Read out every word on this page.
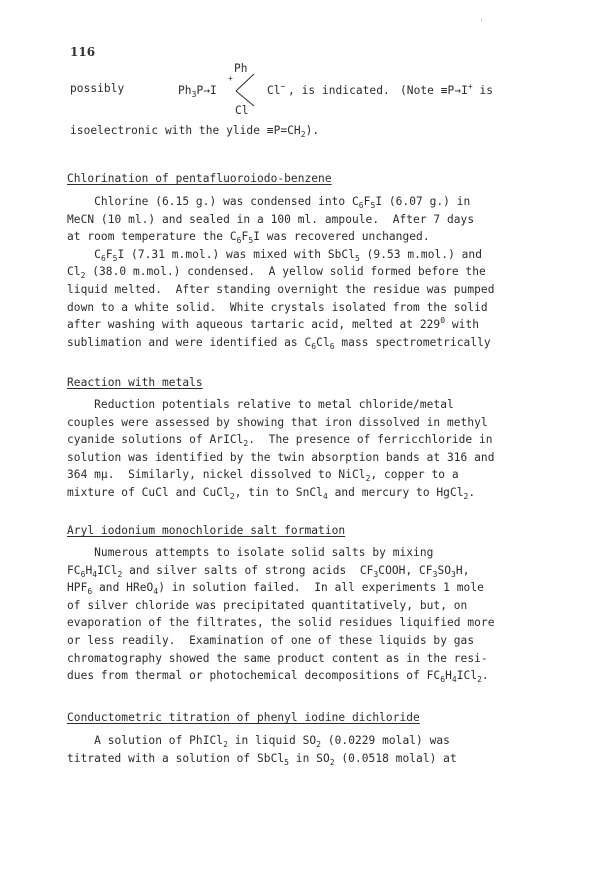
116
possibly
Ph
$Ph_3P\to I$
+
Cl−
Cl
, is indicated. (Note ≡P→I+ is
isoelectronic with the ylide $\equiv P=CH_2$).
Chlorination of pentafluoroiodo-benzene
Chlorine (6.15 g.) was condensed into $C_6F_5I$ (6.07 g.) in
MeCN (10 ml.) and sealed in a 100 ml. ampoule.  After 7 days
at room temperature the $C_6F_5I$ was recovered unchanged.
$C_6F_5I$ (7.31 m.mol.) was mixed with SbCl$_5$ (9.53 m.mol.) and
$Cl_2$ (38.0 m.mol.) condensed.  A yellow solid formed before the
liquid melted.  After standing overnight the residue was pumped
down to a white solid.  White crystals isolated from the solid
after washing with aqueous tartaric acid, melted at $229^0$ with
sublimation and were identified as $C_6Cl_6$ mass spectrometrically
Reaction with metals
Reduction potentials relative to metal chloride/metal
couples were assessed by showing that iron dissolved in methyl
cyanide solutions of ArICl$_2$.  The presence of ferricchloride in
solution was identified by the twin absorption bands at 316 and
364 mμ.  Similarly, nickel dissolved to NiCl$_2$, copper to a
mixture of CuCl and CuCl$_2$, tin to SnCl$_4$ and mercury to HgCl$_2$.
Aryl iodonium monochloride salt formation
Numerous attempts to isolate solid salts by mixing
$FC_6H_4ICl_2$ and silver salts of strong acids  $CF_3COOH$, $CF_3SO_3H$,
$HPF_6$ and HReO$_4$) in solution failed.  In all experiments 1 mole
of silver chloride was precipitated quantitatively, but, on
evaporation of the filtrates, the solid residues liquified more
or less readily.  Examination of one of these liquids by gas
chromatography showed the same product content as in the resi-
dues from thermal or photochemical decompositions of $FC_6H_4ICl_2$.
Conductometric titration of phenyl iodine dichloride
A solution of PhICl$_2$ in liquid $SO_2$ (0.0229 molal) was
titrated with a solution of SbCl$_5$ in $SO_2$ (0.0518 molal) at
